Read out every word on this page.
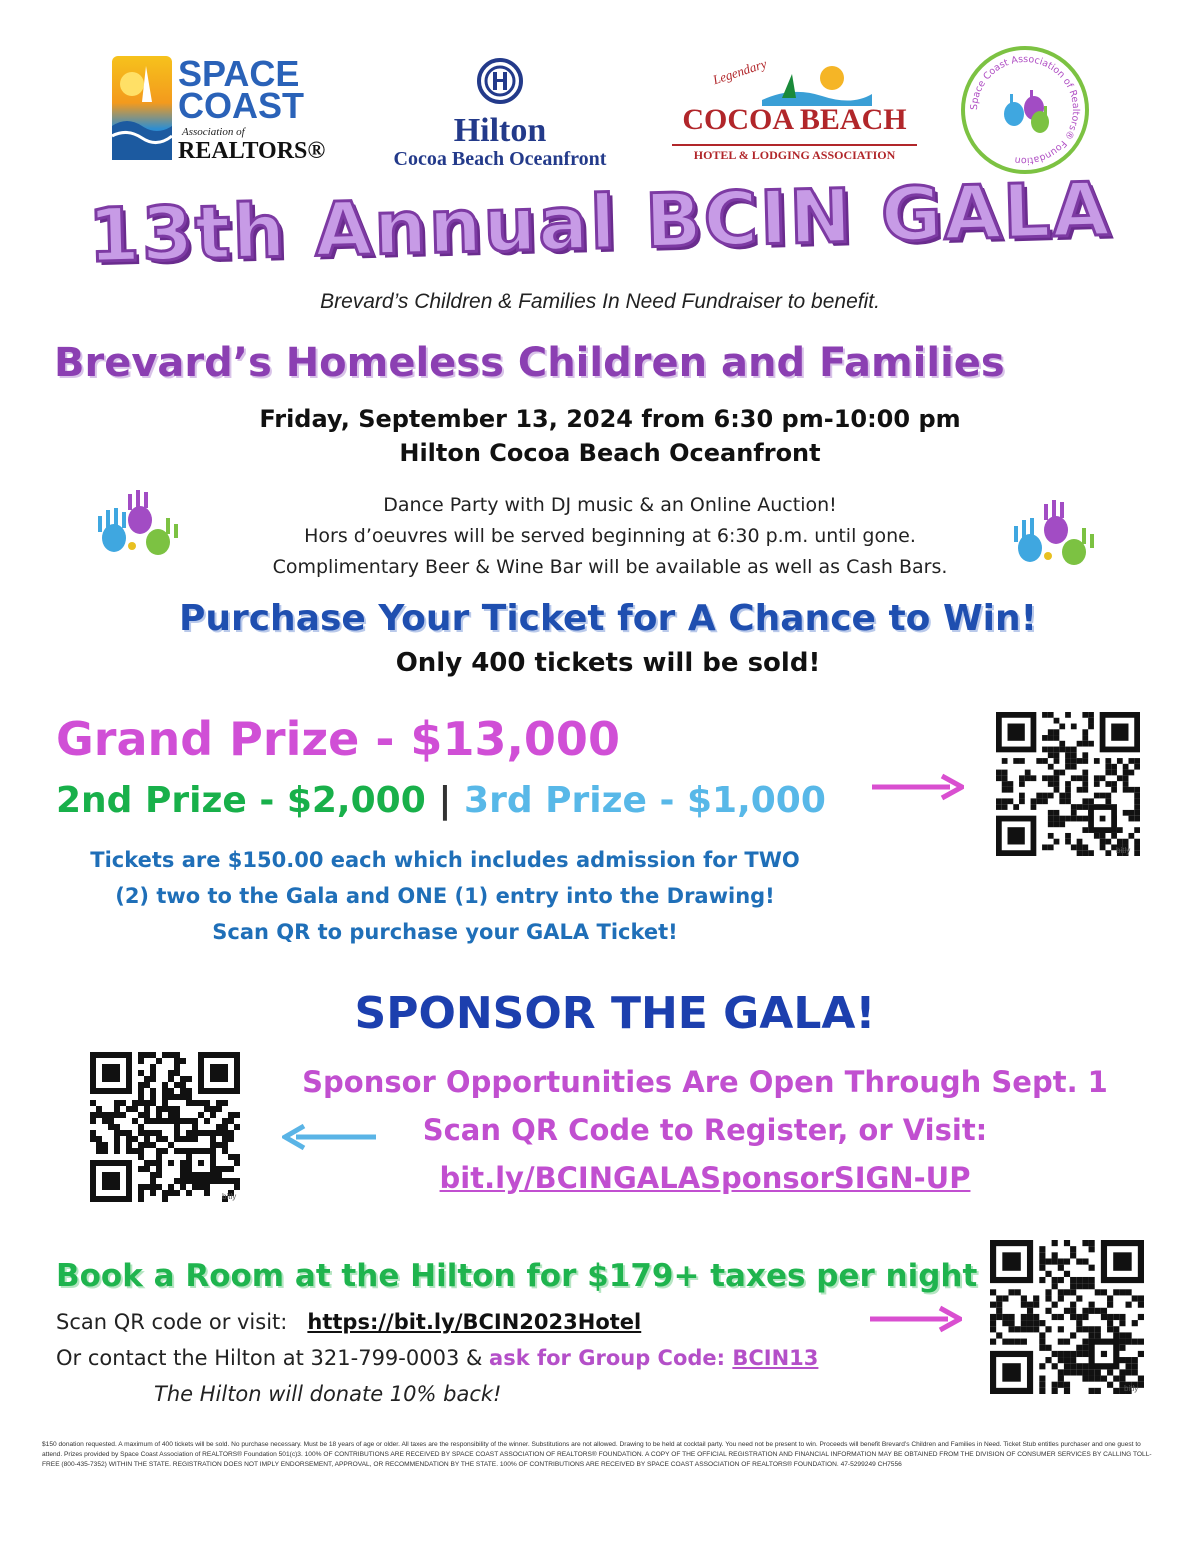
SPACE
COAST
Association of
REALTORS®
Hilton
Cocoa Beach Oceanfront
Legendary
COCOA BEACH
HOTEL & LODGING ASSOCIATION
Space Coast Association of Realtors® Foundation
13th Annual BCIN GALA
Brevard’s Children & Families In Need Fundraiser to benefit.
Brevard’s Homeless Children and Families
Friday, September 13, 2024 from 6:30 pm-10:00 pm
Hilton Cocoa Beach Oceanfront
Dance Party with DJ music & an Online Auction!
Hors d’oeuvres will be served beginning at 6:30 p.m. until gone.
Complimentary Beer & Wine Bar will be available as well as Cash Bars.
Purchase Your Ticket for A Chance to Win!
Only 400 tickets will be sold!
Grand Prize - $13,000
2nd Prize - $2,000 | 3rd Prize - $1,000
Tickets are $150.00 each which includes admission for TWO
(2) two to the Gala and ONE (1) entry into the Drawing!
Scan QR to purchase your GALA Ticket!
bitly
SPONSOR THE GALA!
bitly
Sponsor Opportunities Are Open Through Sept. 1
Scan QR Code to Register, or Visit:
bit.ly/BCINGALASponsorSIGN-UP
Book a Room at the Hilton for $179+ taxes per night
Scan QR code or visit: https://bit.ly/BCIN2023Hotel
Or contact the Hilton at 321-799-0003 & ask for Group Code: BCIN13
The Hilton will donate 10% back!	bitly
$150 donation requested. A maximum of 400 tickets will be sold. No purchase necessary. Must be 18 years of age or older. All taxes are the responsibility of the winner. Substitutions are not allowed. Drawing to be held at cocktail party. You need not be present to win. Proceeds will benefit Brevard’s Children and Families in Need. Ticket Stub entitles purchaser and one guest to attend. Prizes provided by Space Coast Association of REALTORS® Foundation 501(c)3. 100% OF CONTRIBUTIONS ARE RECEIVED BY SPACE COAST ASSOCIATION OF REALTORS® FOUNDATION. A COPY OF THE OFFICIAL REGISTRATION AND FINANCIAL INFORMATION MAY BE OBTAINED FROM THE DIVISION OF CONSUMER SERVICES BY CALLING TOLL-FREE (800-435-7352) WITHIN THE STATE. REGISTRATION DOES NOT IMPLY ENDORSEMENT, APPROVAL, OR RECOMMENDATION BY THE STATE. 100% OF CONTRIBUTIONS ARE RECEIVED BY SPACE COAST ASSOCIATION OF REALTORS® FOUNDATION. 47-5299249 CH7556
